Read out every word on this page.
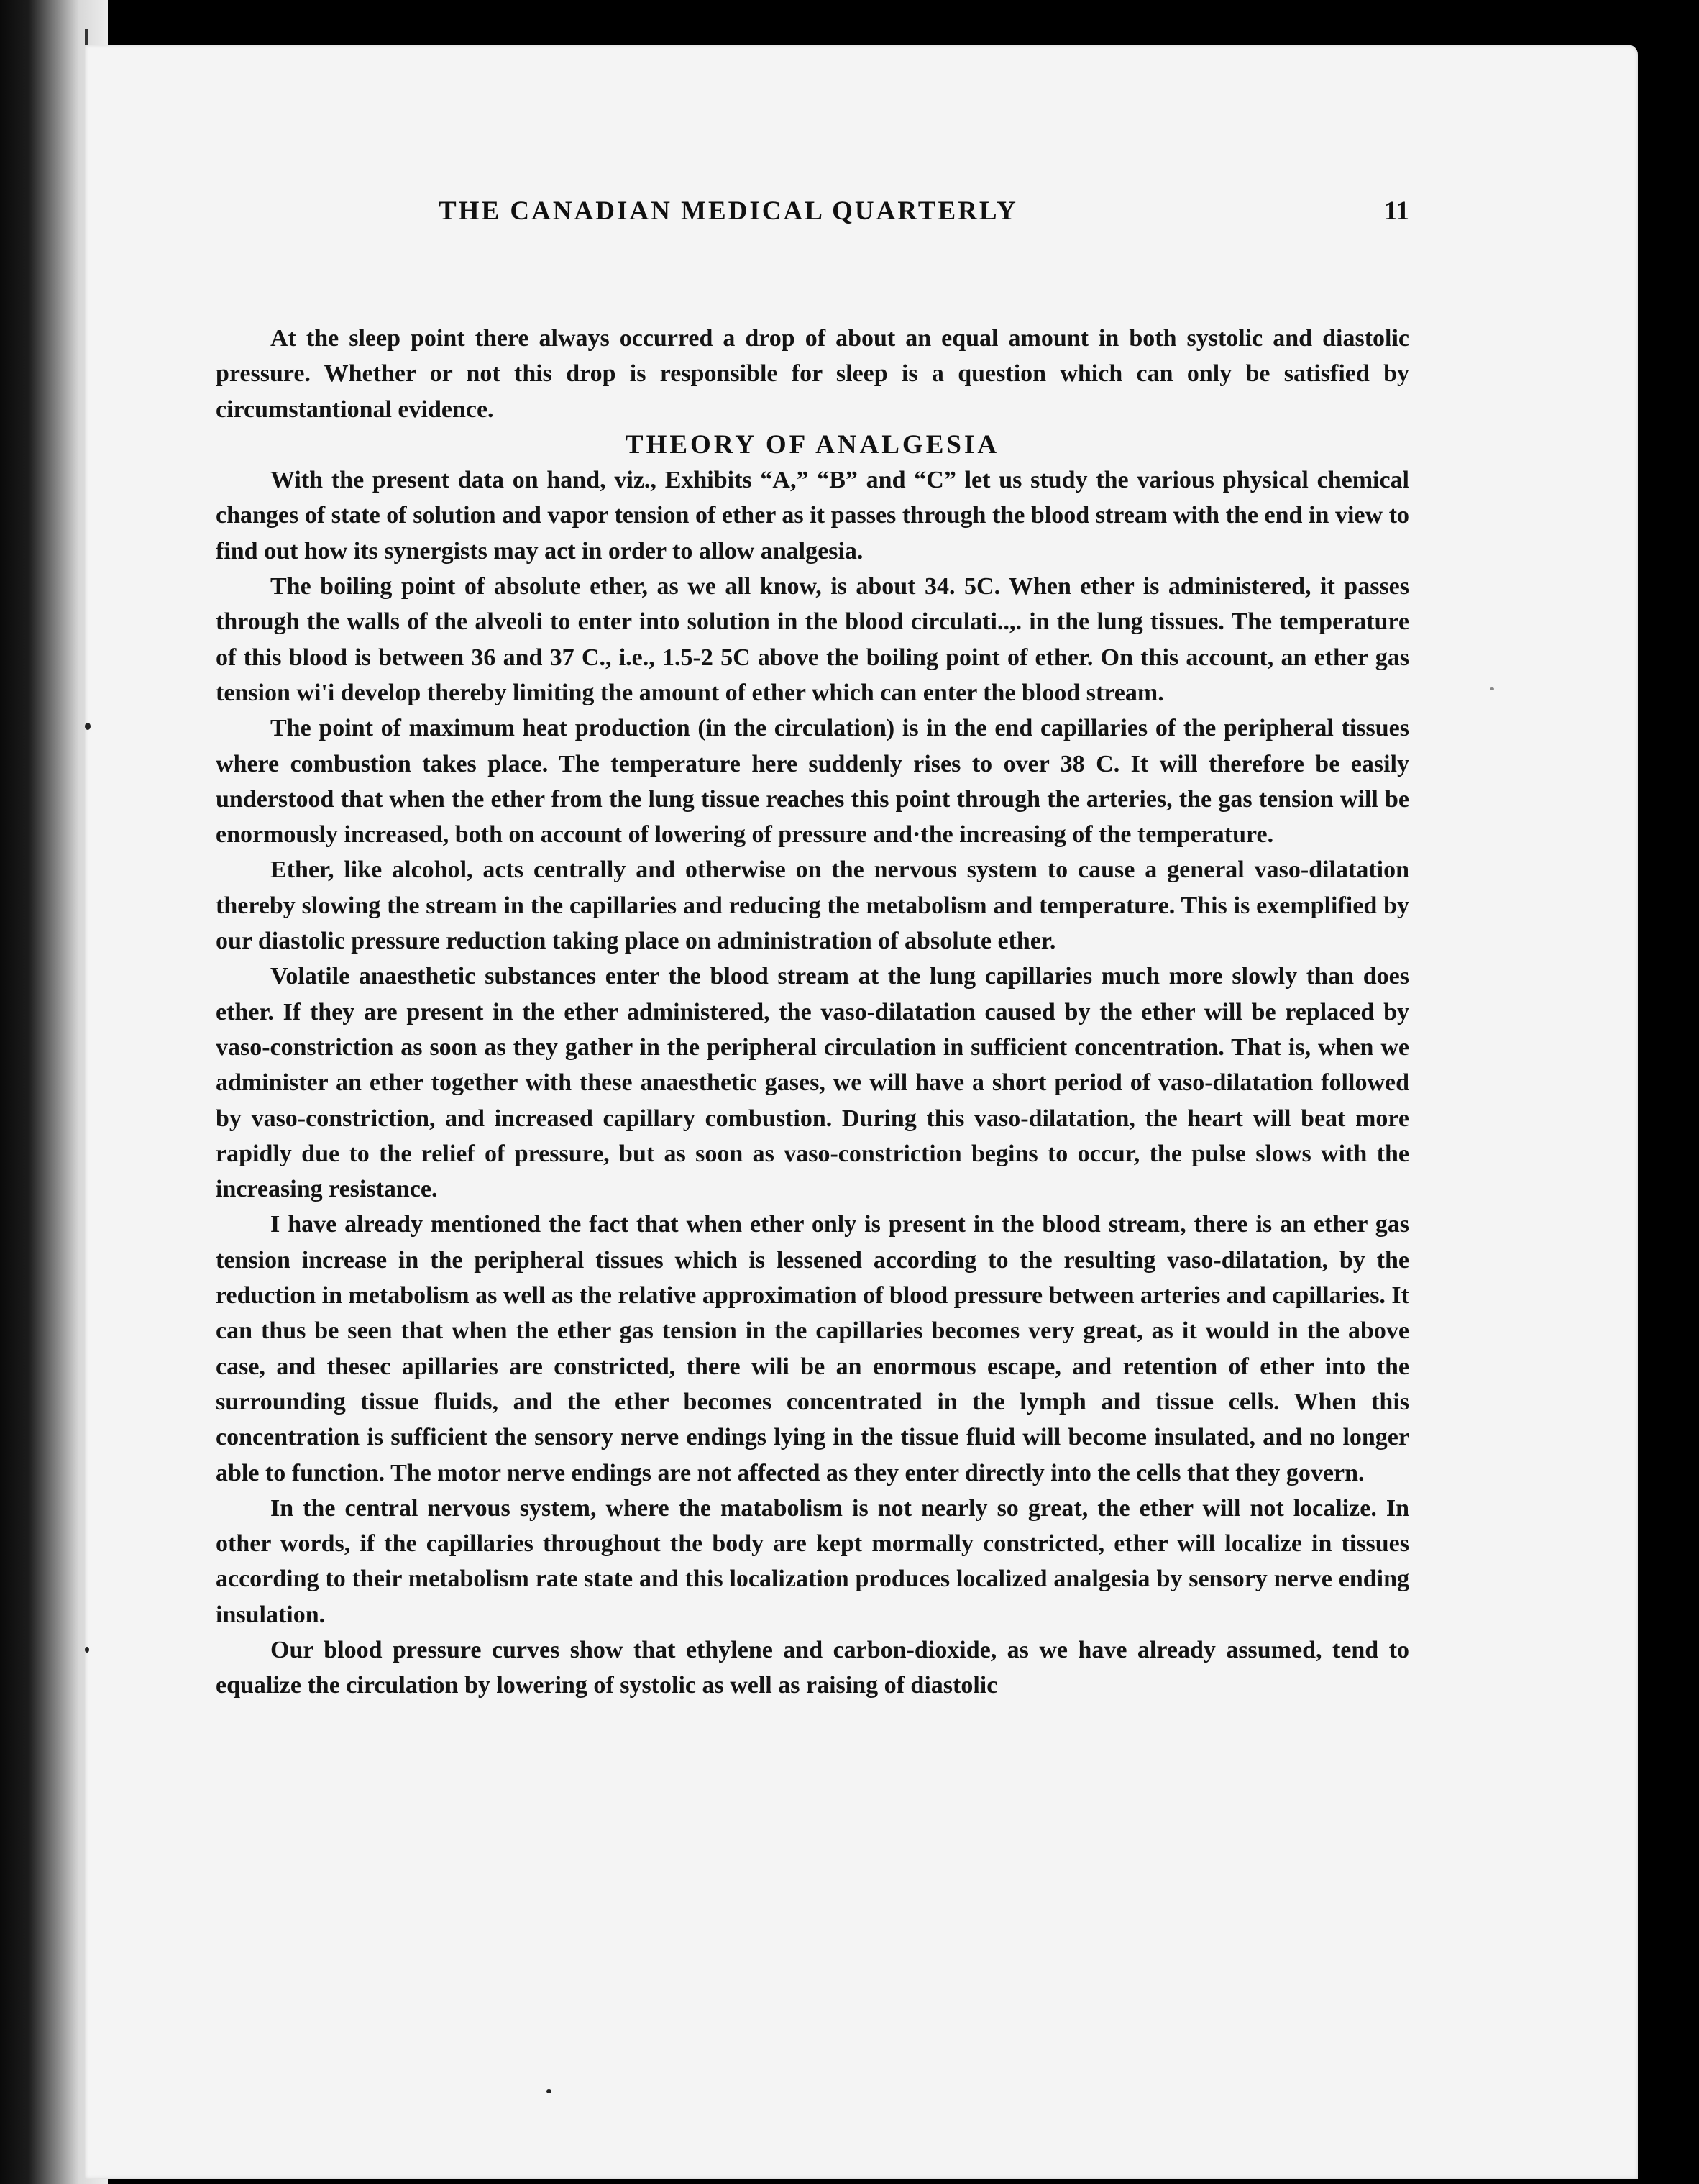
THE CANADIAN MEDICAL QUARTERLY	11

At the sleep point there always occurred a drop of about an equal amount in both systolic and diastolic pressure. Whether or not this drop is responsible for sleep is a question which can only be satisfied by circumstantional evidence.

THEORY OF ANALGESIA

With the present data on hand, viz., Exhibits “A,” “B” and “C” let us study the various physical chemical changes of state of solution and vapor tension of ether as it passes through the blood stream with the end in view to find out how its synergists may act in order to allow analgesia.

The boiling point of absolute ether, as we all know, is about 34. 5C. When ether is administered, it passes through the walls of the alveoli to enter into solution in the blood circulati..,. in the lung tissues. The temperature of this blood is between 36 and 37 C., i.e., 1.5-2 5C above the boiling point of ether. On this account, an ether gas tension wi'i develop thereby limiting the amount of ether which can enter the blood stream.

The point of maximum heat production (in the circulation) is in the end capillaries of the peripheral tissues where combustion takes place. The temperature here suddenly rises to over 38 C. It will therefore be easily understood that when the ether from the lung tissue reaches this point through the arteries, the gas tension will be enormously increased, both on account of lowering of pressure and·the increasing of the temperature.

Ether, like alcohol, acts centrally and otherwise on the nervous system to cause a general vaso-dilatation thereby slowing the stream in the capillaries and reducing the metabolism and temperature. This is exemplified by our diastolic pressure reduction taking place on administration of absolute ether.

Volatile anaesthetic substances enter the blood stream at the lung capillaries much more slowly than does ether. If they are present in the ether administered, the vaso-dilatation caused by the ether will be replaced by vaso-constriction as soon as they gather in the peripheral circulation in sufficient concentration. That is, when we administer an ether together with these anaesthetic gases, we will have a short period of vaso-dilatation followed by vaso-constriction, and increased capillary combustion. During this vaso-dilatation, the heart will beat more rapidly due to the relief of pressure, but as soon as vaso-constriction begins to occur, the pulse slows with the increasing resistance.

I have already mentioned the fact that when ether only is present in the blood stream, there is an ether gas tension increase in the peripheral tissues which is lessened according to the resulting vaso-dilatation, by the reduction in metabolism as well as the relative approximation of blood pressure between arteries and capillaries. It can thus be seen that when the ether gas tension in the capillaries becomes very great, as it would in the above case, and thesec apillaries are constricted, there wili be an enormous escape, and retention of ether into the surrounding tissue fluids, and the ether becomes concentrated in the lymph and tissue cells. When this concentration is sufficient the sensory nerve endings lying in the tissue fluid will become insulated, and no longer able to function. The motor nerve endings are not affected as they enter directly into the cells that they govern.

In the central nervous system, where the matabolism is not nearly so great, the ether will not localize. In other words, if the capillaries throughout the body are kept mormally constricted, ether will localize in tissues according to their metabolism rate state and this localization produces localized analgesia by sensory nerve ending insulation.

Our blood pressure curves show that ethylene and carbon-dioxide, as we have already assumed, tend to equalize the circulation by lowering of systolic as well as raising of diastolic
